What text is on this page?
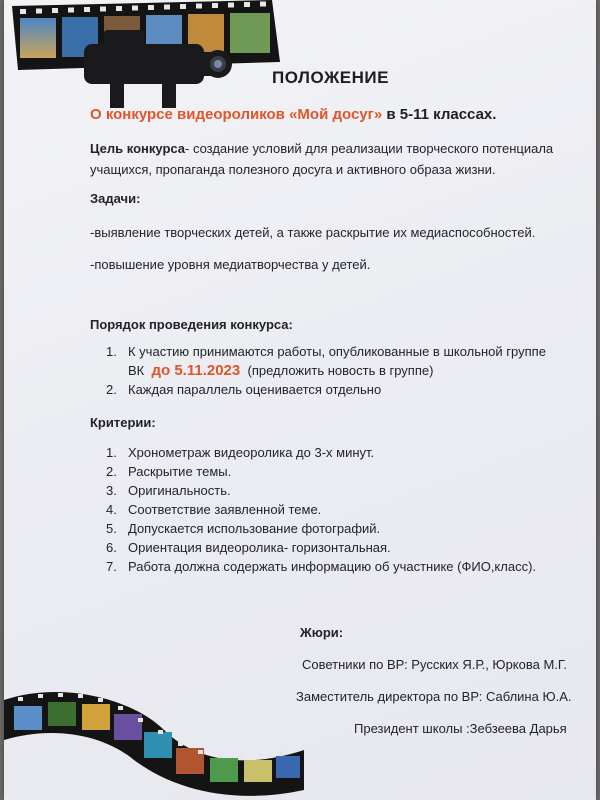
ПОЛОЖЕНИЕ

О конкурсе видеороликов «Мой досуг» в 5-11 классах.

Цель конкурса- создание условий для реализации творческого потенциала
учащихся, пропаганда полезного досуга и активного образа жизни.

Задачи:

-выявление творческих детей, а также раскрытие их медиаспособностей.

-повышение уровня медиатворчества у детей.

Порядок проведения конкурса:

1. К участию принимаются работы, опубликованные в школьной группе
ВК до 5.11.2023 (предложить новость в группе)
2. Каждая параллель оценивается отдельно

Критерии:

1. Хронометраж видеоролика до 3-х минут.
2. Раскрытие темы.
3. Оригинальность.
4. Соответствие заявленной теме.
5. Допускается использование фотографий.
6. Ориентация видеоролика- горизонтальная.
7. Работа должна содержать информацию об участнике (ФИО,класс).

Жюри:

Советники по ВР: Русских Я.Р., Юркова М.Г.

Заместитель директора по ВР: Саблина Ю.А.

Президент школы :Зебзеева Дарья
